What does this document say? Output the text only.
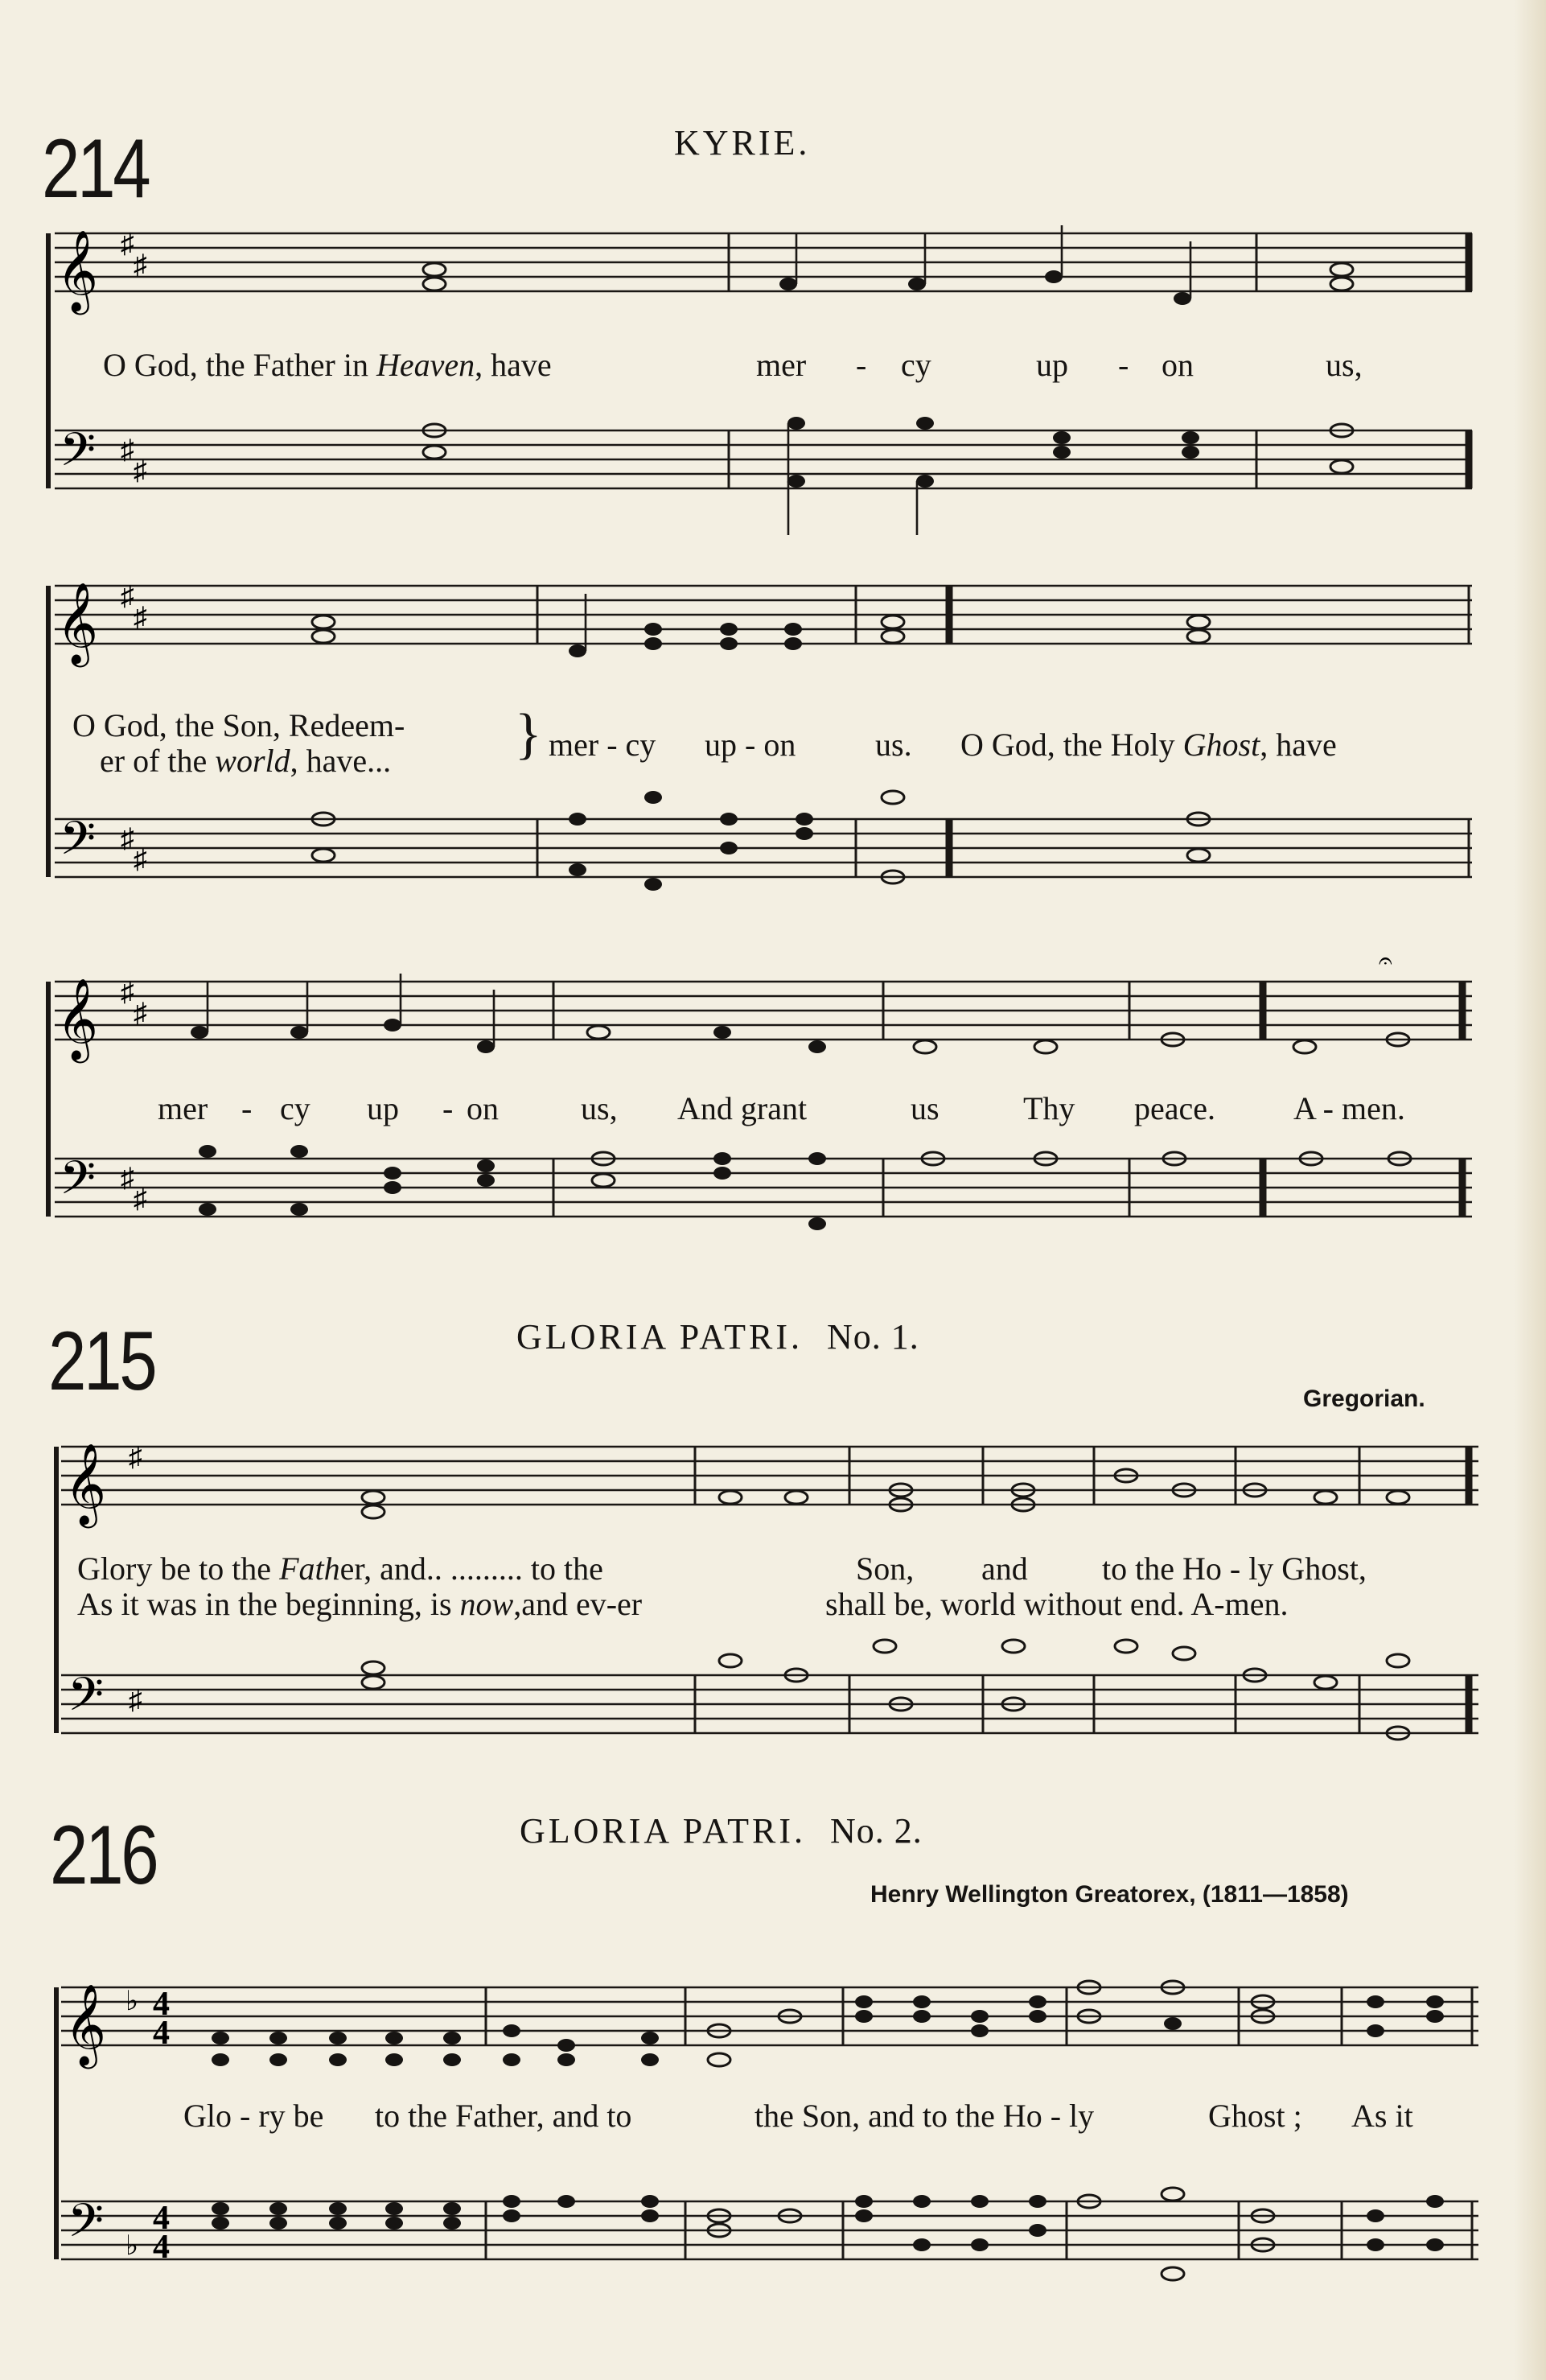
214	KYRIE.
𝄞
𝄢
♯
♯
♯
♯
O God, the Father in Heaven, have	mer - cy	up - on	us,
𝄞
𝄢
♯
♯
♯
♯
O God, the Son, Redeem-
er of the world, have... } mer - cy up - on us. O God, the Holy Ghost, have
𝄞
𝄢
♯
♯
♯
♯
𝄐
mer - cy up - on	us, And grant	us	Thy peace. A - men.
215	GLORIA PATRI. No. 1.
Gregorian.
𝄞
𝄢
♯
♯
Glory be to the Father, and.. ......... to the	Son, and to the Ho - ly Ghost,
As it was in the beginning, is now,and ev-er	shall be, world without end. A-men.
216	GLORIA PATRI. No. 2.
Henry Wellington Greatorex, (1811—1858)
𝄞
𝄢
♭
♭
4
4
4
4
Glo - ry be to the Father, and to	the Son, and to the Ho - ly	Ghost ; As it
